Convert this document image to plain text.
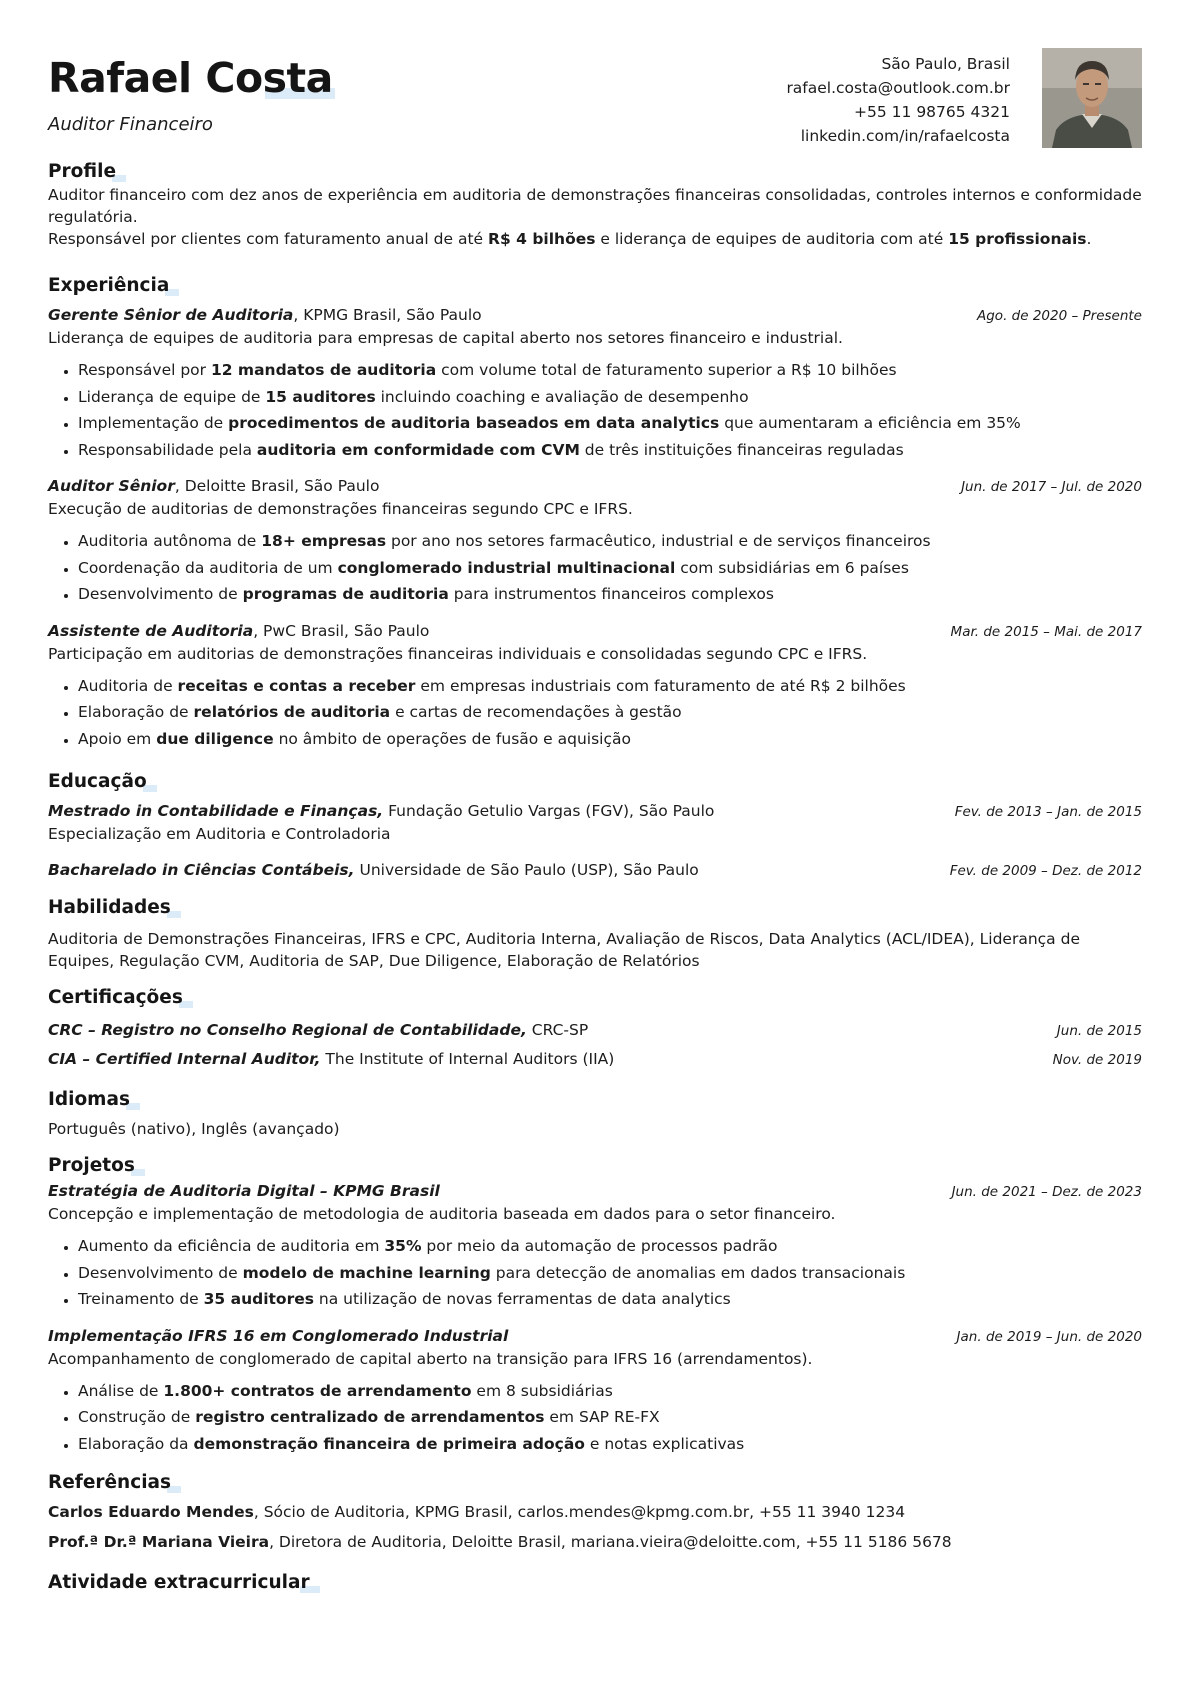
Rafael Costa
Auditor Financeiro
São Paulo, Brasil
rafael.costa@outlook.com.br
+55 11 98765 4321
linkedin.com/in/rafaelcosta
Profile

Auditor financeiro com dez anos de experiência em auditoria de demonstrações financeiras consolidadas, controles internos e conformidade regulatória.
Responsável por clientes com faturamento anual de até R$ 4 bilhões e liderança de equipes de auditoria com até 15 profissionais.

Experiência
Gerente Sênior de Auditoria, KPMG Brasil, São Paulo	Ago. de 2020 – Presente

Liderança de equipes de auditoria para empresas de capital aberto nos setores financeiro e industrial.

• Responsável por 12 mandatos de auditoria com volume total de faturamento superior a R$ 10 bilhões
• Liderança de equipe de 15 auditores incluindo coaching e avaliação de desempenho
• Implementação de procedimentos de auditoria baseados em data analytics que aumentaram a eficiência em 35%
• Responsabilidade pela auditoria em conformidade com CVM de três instituições financeiras reguladas
Auditor Sênior, Deloitte Brasil, São Paulo	Jun. de 2017 – Jul. de 2020

Execução de auditorias de demonstrações financeiras segundo CPC e IFRS.

• Auditoria autônoma de 18+ empresas por ano nos setores farmacêutico, industrial e de serviços financeiros
• Coordenação da auditoria de um conglomerado industrial multinacional com subsidiárias em 6 países
• Desenvolvimento de programas de auditoria para instrumentos financeiros complexos
Assistente de Auditoria, PwC Brasil, São Paulo	Mar. de 2015 – Mai. de 2017

Participação em auditorias de demonstrações financeiras individuais e consolidadas segundo CPC e IFRS.

• Auditoria de receitas e contas a receber em empresas industriais com faturamento de até R$ 2 bilhões
• Elaboração de relatórios de auditoria e cartas de recomendações à gestão
• Apoio em due diligence no âmbito de operações de fusão e aquisição
Educação
Mestrado in Contabilidade e Finanças, Fundação Getulio Vargas (FGV), São Paulo	Fev. de 2013 – Jan. de 2015

Especialização em Auditoria e Controladoria

Bacharelado in Ciências Contábeis, Universidade de São Paulo (USP), São Paulo	Fev. de 2009 – Dez. de 2012
Habilidades

Auditoria de Demonstrações Financeiras, IFRS e CPC, Auditoria Interna, Avaliação de Riscos, Data Analytics (ACL/IDEA), Liderança de Equipes, Regulação CVM, Auditoria de SAP, Due Diligence, Elaboração de Relatórios

Certificações
CRC – Registro no Conselho Regional de Contabilidade, CRC-SP	Jun. de 2015
CIA – Certified Internal Auditor, The Institute of Internal Auditors (IIA)	Nov. de 2019
Idiomas

Português (nativo), Inglês (avançado)

Projetos
Estratégia de Auditoria Digital – KPMG Brasil	Jun. de 2021 – Dez. de 2023

Concepção e implementação de metodologia de auditoria baseada em dados para o setor financeiro.

• Aumento da eficiência de auditoria em 35% por meio da automação de processos padrão
• Desenvolvimento de modelo de machine learning para detecção de anomalias em dados transacionais
• Treinamento de 35 auditores na utilização de novas ferramentas de data analytics
Implementação IFRS 16 em Conglomerado Industrial	Jan. de 2019 – Jun. de 2020

Acompanhamento de conglomerado de capital aberto na transição para IFRS 16 (arrendamentos).

• Análise de 1.800+ contratos de arrendamento em 8 subsidiárias
• Construção de registro centralizado de arrendamentos em SAP RE-FX
• Elaboração da demonstração financeira de primeira adoção e notas explicativas
Referências
Carlos Eduardo Mendes, Sócio de Auditoria, KPMG Brasil, carlos.mendes@kpmg.com.br, +55 11 3940 1234
Prof.ª Dr.ª Mariana Vieira, Diretora de Auditoria, Deloitte Brasil, mariana.vieira@deloitte.com, +55 11 5186 5678
Atividade extracurricular
